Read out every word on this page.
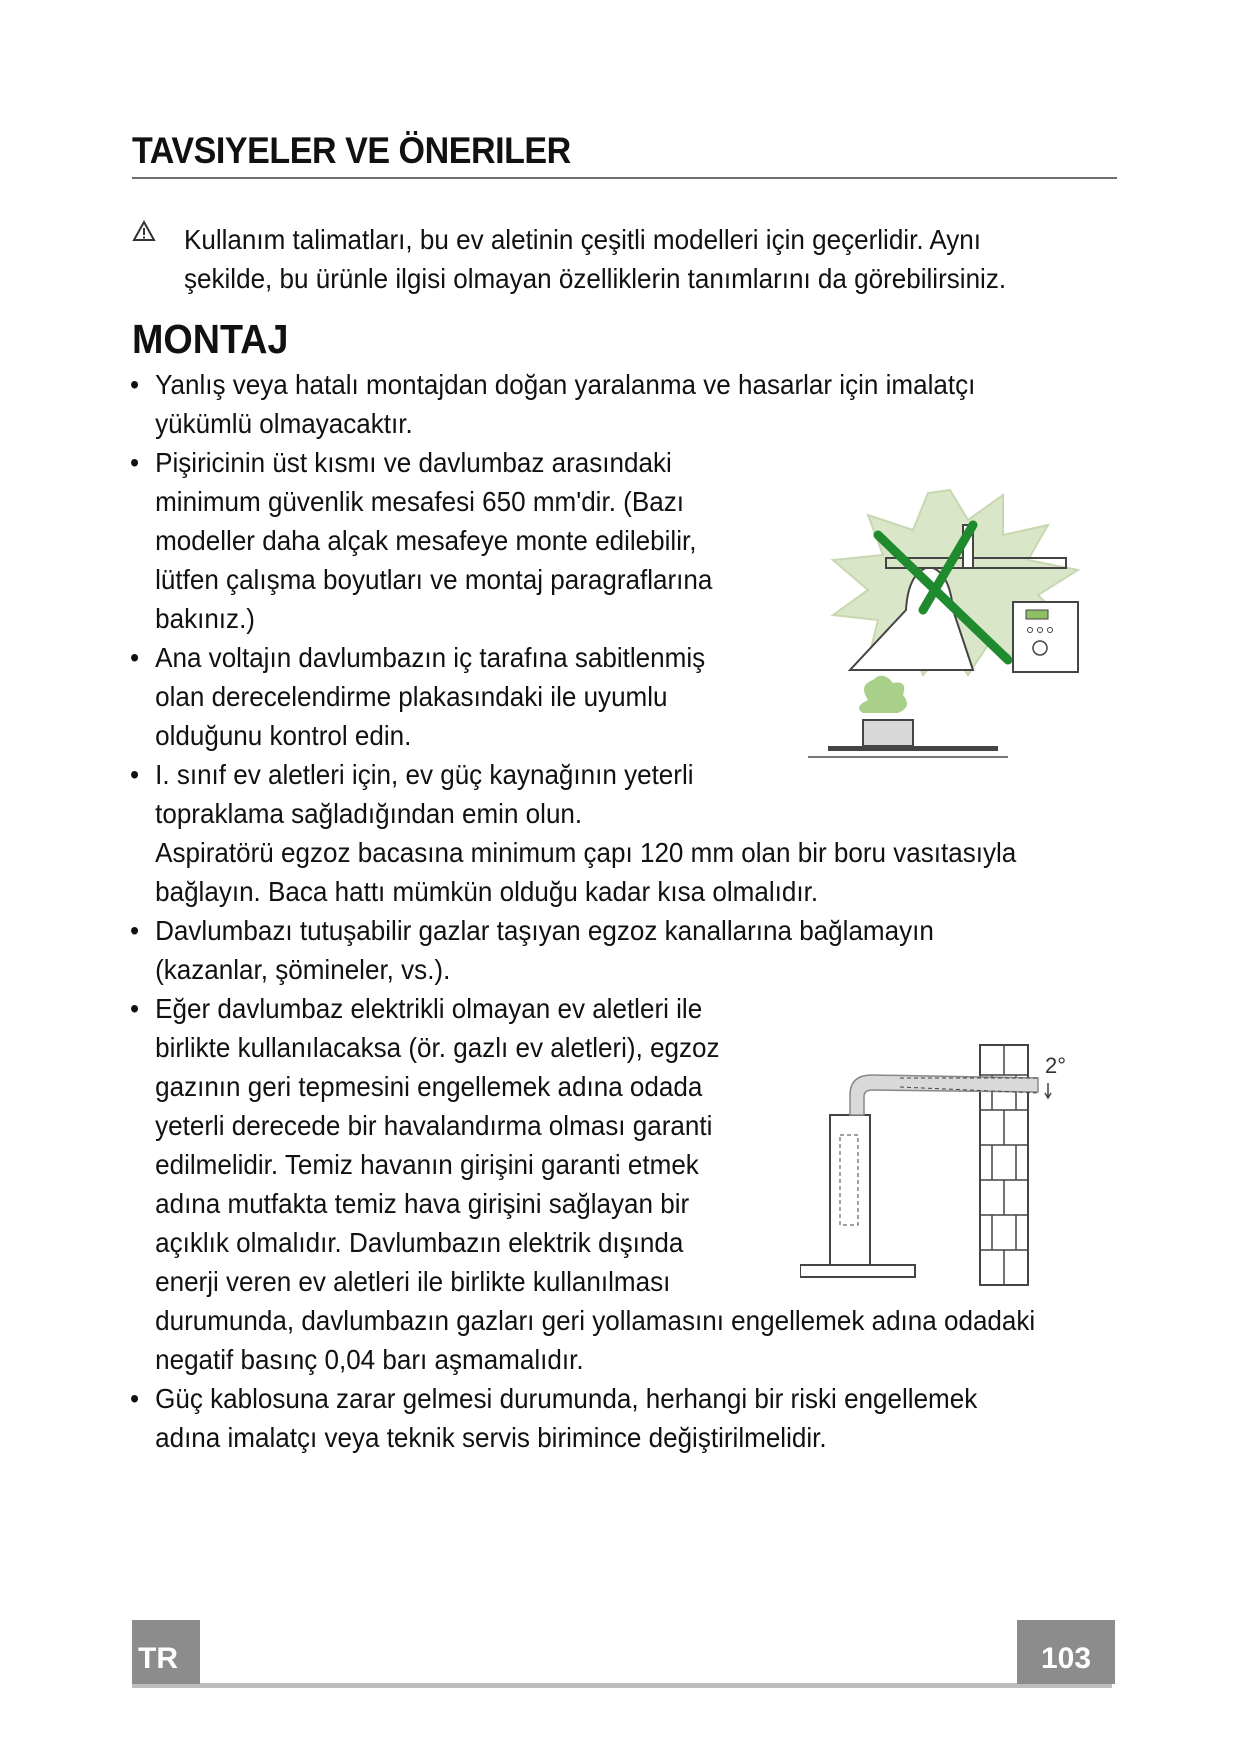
TAVSIYELER VE ÖNERILER
Kullanım talimatları, bu ev aletinin çeşitli modelleri için geçerlidir. Aynı
şekilde, bu ürünle ilgisi olmayan özelliklerin tanımlarını da görebilirsiniz.
MONTAJ
• Yanlış veya hatalı montajdan doğan yaralanma ve hasarlar için imalatçı
yükümlü olmayacaktır.
• Pişiricinin üst kısmı ve davlumbaz arasındaki
minimum güvenlik mesafesi 650 mm'dir. (Bazı
modeller daha alçak mesafeye monte edilebilir,
lütfen çalışma boyutları ve montaj paragraflarına
bakınız.)
• Ana voltajın davlumbazın iç tarafına sabitlenmiş
olan derecelendirme plakasındaki ile uyumlu
olduğunu kontrol edin.
• I. sınıf ev aletleri için, ev güç kaynağının yeterli
topraklama sağladığından emin olun.
Aspiratörü egzoz bacasına minimum çapı 120 mm olan bir boru vasıtasıyla
bağlayın. Baca hattı mümkün olduğu kadar kısa olmalıdır.
• Davlumbazı tutuşabilir gazlar taşıyan egzoz kanallarına bağlamayın
(kazanlar, şömineler, vs.).
• Eğer davlumbaz elektrikli olmayan ev aletleri ile
birlikte kullanılacaksa (ör. gazlı ev aletleri), egzoz
gazının geri tepmesini engellemek adına odada
yeterli derecede bir havalandırma olması garanti
edilmelidir. Temiz havanın girişini garanti etmek
adına mutfakta temiz hava girişini sağlayan bir
açıklık olmalıdır. Davlumbazın elektrik dışında
enerji veren ev aletleri ile birlikte kullanılması
durumunda, davlumbazın gazları geri yollamasını engellemek adına odadaki
negatif basınç 0,04 barı aşmamalıdır.
• Güç kablosuna zarar gelmesi durumunda, herhangi bir riski engellemek
adına imalatçı veya teknik servis birimince değiştirilmelidir.
2°
TR	103
